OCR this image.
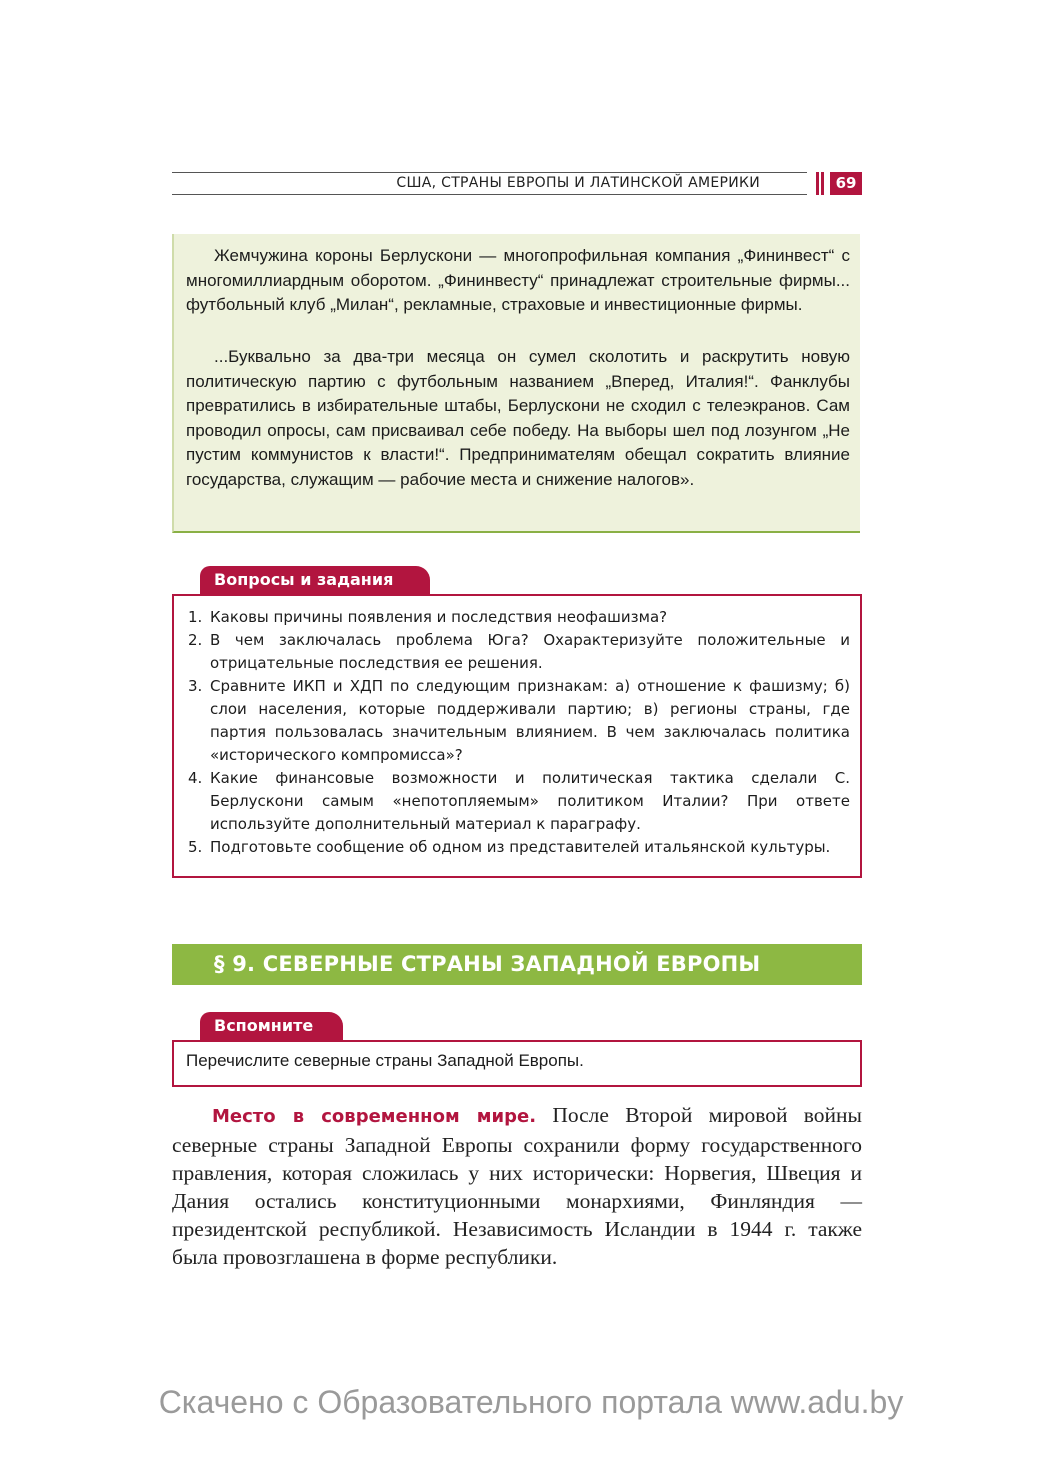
США, СТРАНЫ ЕВРОПЫ И ЛАТИНСКОЙ АМЕРИКИ	69

Жемчужина короны Берлускони — многопрофильная компания „Фининвест“ с многомиллиардным оборотом. „Фининвесту“ принадлежат строительные фирмы... футбольный клуб „Милан“, рекламные, страховые и инвестиционные фирмы.

...Буквально за два-три месяца он сумел сколотить и раскрутить новую политическую партию с футбольным названием „Вперед, Италия!“. Фанклубы превратились в избирательные штабы, Берлускони не сходил с телеэкранов. Сам проводил опросы, сам присваивал себе победу. На выборы шел под лозунгом „Не пустим коммунистов к власти!“. Предпринимателям обещал сократить влияние государства, служащим — рабочие места и снижение налогов».

Вопросы и задания
1. Каковы причины появления и последствия неофашизма?
2. В чем заключалась проблема Юга? Охарактеризуйте положительные и отрицательные последствия ее решения.
3. Сравните ИКП и ХДП по следующим признакам: а) отношение к фашизму; б) слои населения, которые поддерживали партию; в) регионы страны, где партия пользовалась значительным влиянием. В чем заключалась политика «исторического компромисса»?
4. Какие финансовые возможности и политическая тактика сделали С. Берлускони самым «непотопляемым» политиком Италии? При ответе используйте дополнительный материал к параграфу.
5. Подготовьте сообщение об одном из представителей итальянской культуры.
§ 9. СЕВЕРНЫЕ СТРАНЫ ЗАПАДНОЙ ЕВРОПЫ
Вспомните
Перечислите северные страны Западной Европы.

Место в современном мире. После Второй мировой войны северные страны Западной Европы сохранили форму государственного правления, которая сложилась у них исторически: Норвегия, Швеция и Дания остались конституционными монархиями, Финляндия — президентской республикой. Независимость Исландии в 1944 г. также была провозглашена в форме республики.

Скачено с Образовательного портала www.adu.by
